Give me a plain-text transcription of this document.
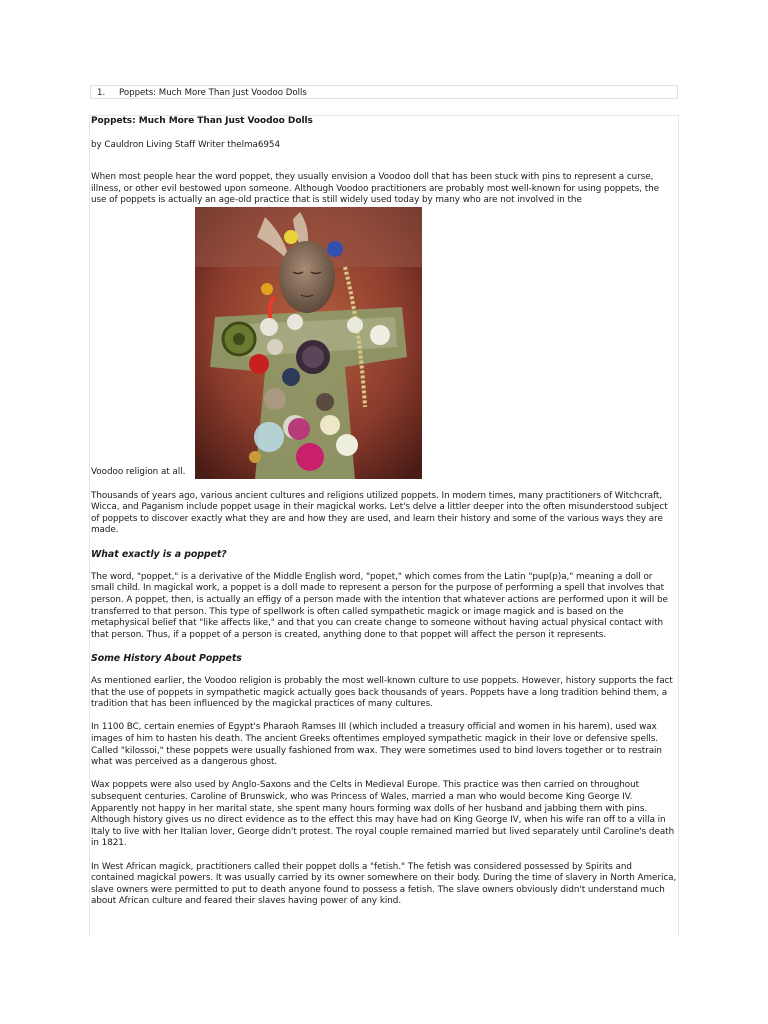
1. Poppets: Much More Than Just Voodoo Dolls

Poppets: Much More Than Just Voodoo Dolls

by Cauldron Living Staff Writer thelma6954

When most people hear the word poppet, they usually envision a Voodoo doll that has been stuck with pins to represent a curse, illness, or other evil bestowed upon someone. Although Voodoo practitioners are probably most well-known for using poppets, the use of poppets is actually an age-old practice that is still widely used today by many who are not involved in the

Voodoo religion at all.

Thousands of years ago, various ancient cultures and religions utilized poppets. In modern times, many practitioners of Witchcraft, Wicca, and Paganism include poppet usage in their magickal works. Let's delve a littler deeper into the often misunderstood subject of poppets to discover exactly what they are and how they are used, and learn their history and some of the various ways they are made.

What exactly is a poppet?

The word, "poppet," is a derivative of the Middle English word, "popet," which comes from the Latin "pup(p)a," meaning a doll or small child. In magickal work, a poppet is a doll made to represent a person for the purpose of performing a spell that involves that person. A poppet, then, is actually an effigy of a person made with the intention that whatever actions are performed upon it will be transferred to that person. This type of spellwork is often called sympathetic magick or image magick and is based on the metaphysical belief that "like affects like," and that you can create change to someone without having actual physical contact with that person. Thus, if a poppet of a person is created, anything done to that poppet will affect the person it represents.

Some History About Poppets

As mentioned earlier, the Voodoo religion is probably the most well-known culture to use poppets. However, history supports the fact that the use of poppets in sympathetic magick actually goes back thousands of years. Poppets have a long tradition behind them, a tradition that has been influenced by the magickal practices of many cultures.

In 1100 BC, certain enemies of Egypt's Pharaoh Ramses III (which included a treasury official and women in his harem), used wax images of him to hasten his death. The ancient Greeks oftentimes employed sympathetic magick in their love or defensive spells. Called "kilossoi," these poppets were usually fashioned from wax. They were sometimes used to bind lovers together or to restrain what was perceived as a dangerous ghost.

Wax poppets were also used by Anglo-Saxons and the Celts in Medieval Europe. This practice was then carried on throughout subsequent centuries. Caroline of Brunswick, who was Princess of Wales, married a man who would become King George IV. Apparently not happy in her marital state, she spent many hours forming wax dolls of her husband and jabbing them with pins. Although history gives us no direct evidence as to the effect this may have had on King George IV, when his wife ran off to a villa in Italy to live with her Italian lover, George didn't protest. The royal couple remained married but lived separately until Caroline's death in 1821.

In West African magick, practitioners called their poppet dolls a "fetish." The fetish was considered possessed by Spirits and contained magickal powers. It was usually carried by its owner somewhere on their body. During the time of slavery in North America, slave owners were permitted to put to death anyone found to possess a fetish. The slave owners obviously didn't understand much about African culture and feared their slaves having power of any kind.
